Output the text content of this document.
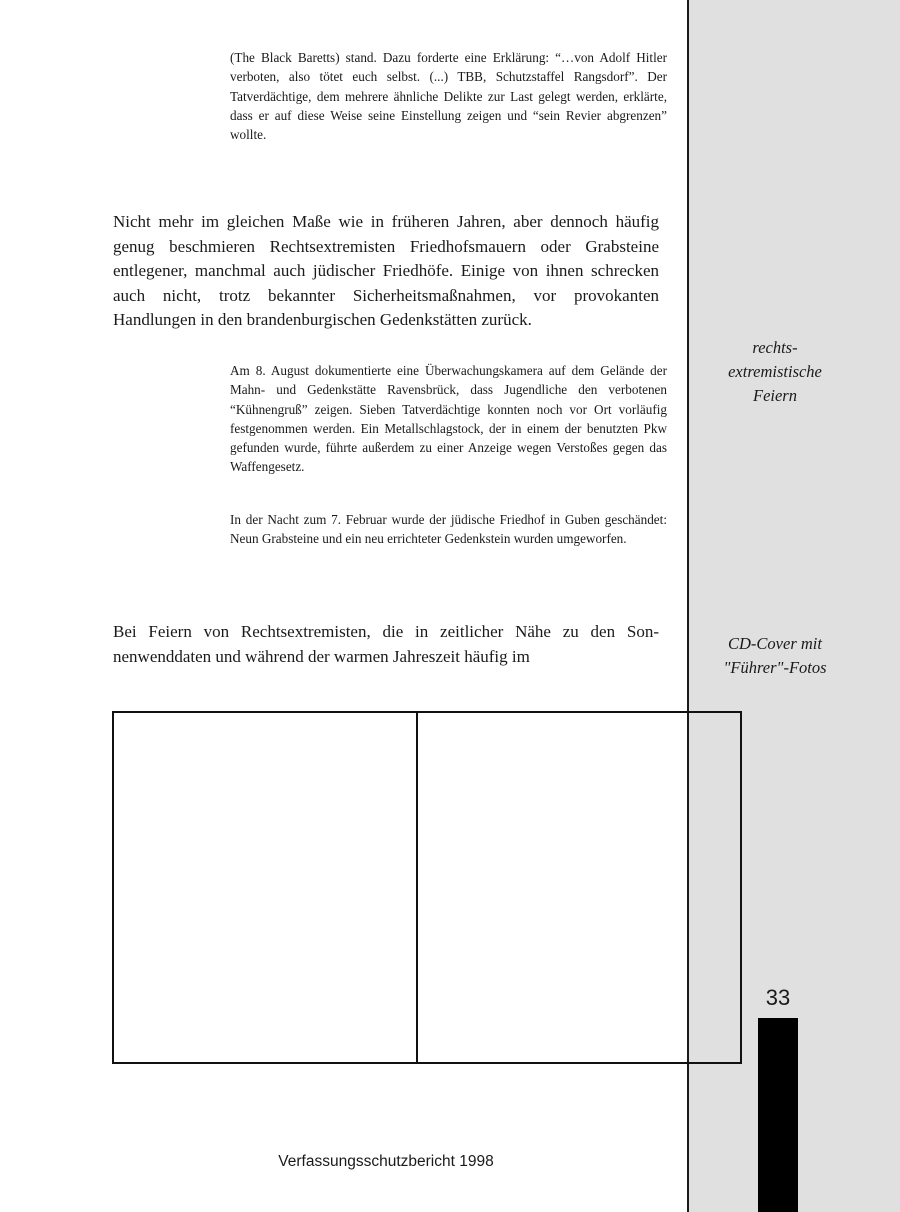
(The Black Baretts) stand. Dazu forderte eine Erklärung: “…von Adolf Hitler verboten, also tötet euch selbst. (...) TBB, Schutzstaffel Rangsdorf”. Der Tatverdächtige, dem mehrere ähnliche Delikte zur Last gelegt werden, erklärte, dass er auf diese Weise seine Einstellung zeigen und “sein Revier abgrenzen” wollte.

Nicht mehr im gleichen Maße wie in früheren Jahren, aber dennoch häufig genug beschmieren Rechtsextremisten Friedhofsmauern oder Grabsteine entlegener, manchmal auch jüdischer Friedhöfe. Einige von ihnen schrecken auch nicht, trotz bekannter Sicherheitsmaßnahmen, vor provokanten Handlungen in den brandenburgischen Gedenkstätten zurück.

Am 8. August dokumentierte eine Überwachungskamera auf dem Gelände der Mahn- und Gedenkstätte Ravensbrück, dass Jugendliche den verbotenen “Kühnengruß” zeigen. Sieben Tatverdächtige konnten noch vor Ort vorläufig festgenommen werden. Ein Metallschlagstock, der in einem der benutzten Pkw gefunden wurde, führte außerdem zu einer Anzeige wegen Verstoßes gegen das Waffengesetz.

In der Nacht zum 7. Februar wurde der jüdische Friedhof in Guben geschändet: Neun Grabsteine und ein neu errichteter Gedenkstein wurden umgeworfen.

Bei Feiern von Rechtsextremisten, die in zeitlicher Nähe zu den Son-nenwenddaten und während der warmen Jahreszeit häufig im

rechts-
extremistische
Feiern

CD-Cover mit
"Führer"-Fotos

33

Verfassungsschutzbericht 1998
